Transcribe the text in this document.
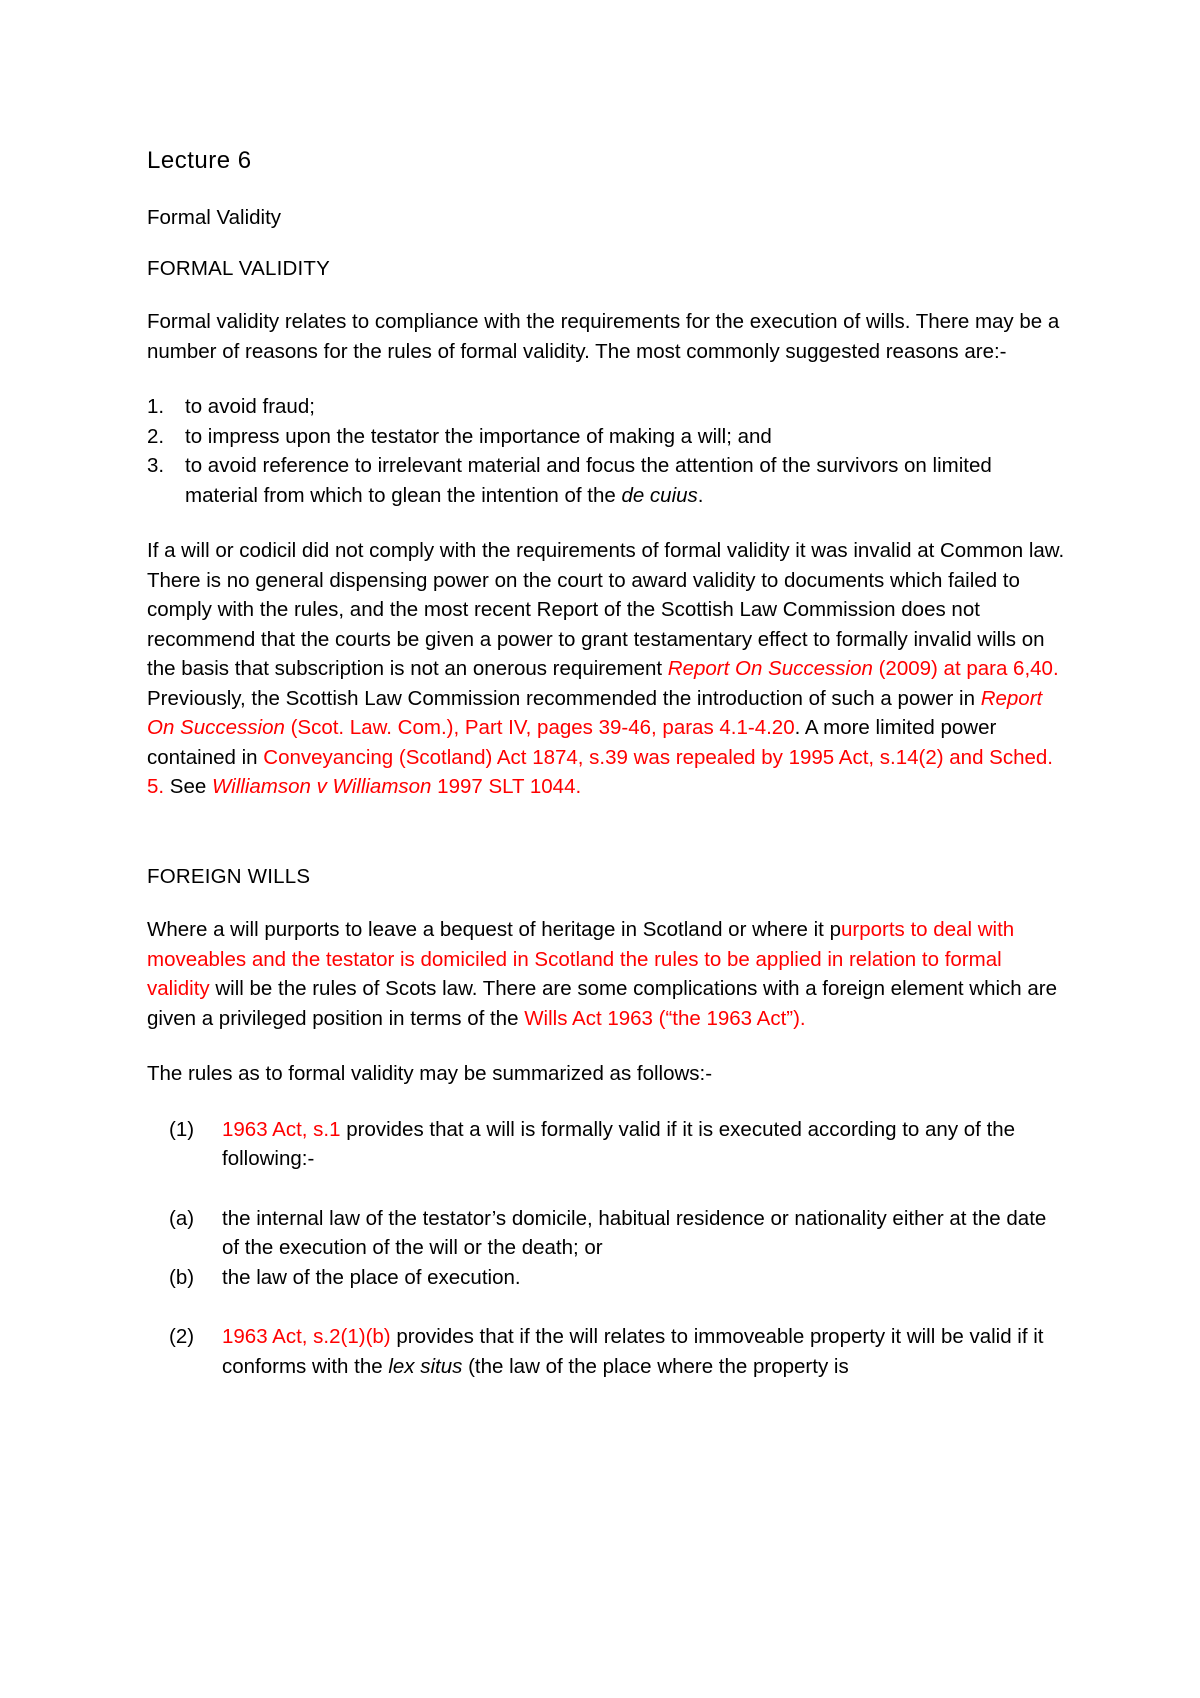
Lecture 6
Formal Validity
FORMAL VALIDITY

Formal validity relates to compliance with the requirements for the execution of wills. There may be a number of reasons for the rules of formal validity. The most commonly suggested reasons are:-

1.	to avoid fraud;
2.	to impress upon the testator the importance of making a will; and
3.	to avoid reference to irrelevant material and focus the attention of the survivors on limited material from which to glean the intention of the de cuius.

If a will or codicil did not comply with the requirements of formal validity it was invalid at Common law. There is no general dispensing power on the court to award validity to documents which failed to comply with the rules, and the most recent Report of the Scottish Law Commission does not recommend that the courts be given a power to grant testamentary effect to formally invalid wills on the basis that subscription is not an onerous requirement Report On Succession (2009) at para 6,40. Previously, the Scottish Law Commission recommended the introduction of such a power in Report On Succession (Scot. Law. Com.), Part IV, pages 39-46, paras 4.1-4.20. A more limited power contained in Conveyancing (Scotland) Act 1874, s.39 was repealed by 1995 Act, s.14(2) and Sched. 5. See Williamson v Williamson 1997 SLT 1044.

FOREIGN WILLS

Where a will purports to leave a bequest of heritage in Scotland or where it purports to deal with moveables and the testator is domiciled in Scotland the rules to be applied in relation to formal validity will be the rules of Scots law. There are some complications with a foreign element which are given a privileged position in terms of the Wills Act 1963 (“the 1963 Act”).

The rules as to formal validity may be summarized as follows:-

(1)	1963 Act, s.1 provides that a will is formally valid if it is executed according to any of the following:-
(a)	the internal law of the testator’s domicile, habitual residence or nationality either at the date of the execution of the will or the death; or
(b)	the law of the place of execution.
(2)	1963 Act, s.2(1)(b) provides that if the will relates to immoveable property it will be valid if it conforms with the lex situs (the law of the place where the property is
